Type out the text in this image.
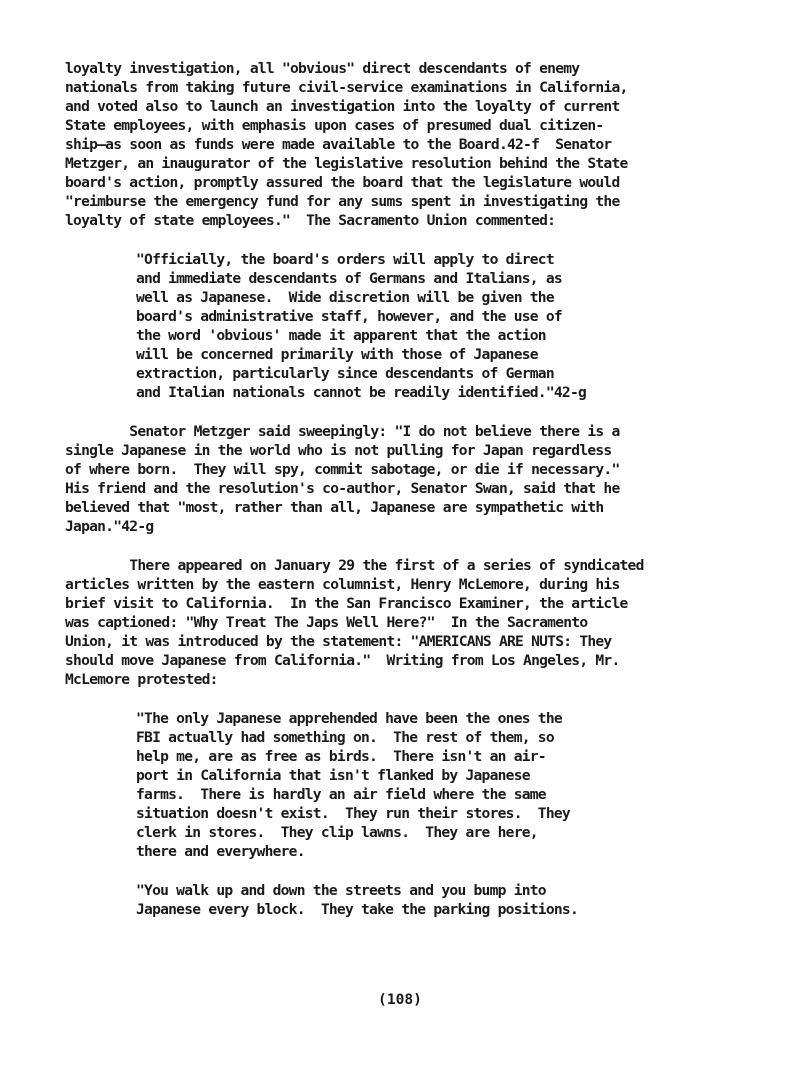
loyalty investigation, all "obvious" direct descendants of enemy
nationals from taking future civil-service examinations in California,
and voted also to launch an investigation into the loyalty of current
State employees, with emphasis upon cases of presumed dual citizen-
ship—as soon as funds were made available to the Board.42-f  Senator
Metzger, an inaugurator of the legislative resolution behind the State
board's action, promptly assured the board that the legislature would
"reimburse the emergency fund for any sums spent in investigating the
loyalty of state employees."  The Sacramento Union commented:
"Officially, the board's orders will apply to direct
and immediate descendants of Germans and Italians, as
well as Japanese.  Wide discretion will be given the
board's administrative staff, however, and the use of
the word 'obvious' made it apparent that the action
will be concerned primarily with those of Japanese
extraction, particularly since descendants of German
and Italian nationals cannot be readily identified."42-g
Senator Metzger said sweepingly: "I do not believe there is a
single Japanese in the world who is not pulling for Japan regardless
of where born.  They will spy, commit sabotage, or die if necessary."
His friend and the resolution's co-author, Senator Swan, said that he
believed that "most, rather than all, Japanese are sympathetic with
Japan."42-g
There appeared on January 29 the first of a series of syndicated
articles written by the eastern columnist, Henry McLemore, during his
brief visit to California.  In the San Francisco Examiner, the article
was captioned: "Why Treat The Japs Well Here?"  In the Sacramento
Union, it was introduced by the statement: "AMERICANS ARE NUTS: They
should move Japanese from California."  Writing from Los Angeles, Mr.
McLemore protested:
"The only Japanese apprehended have been the ones the
FBI actually had something on.  The rest of them, so
help me, are as free as birds.  There isn't an air-
port in California that isn't flanked by Japanese
farms.  There is hardly an air field where the same
situation doesn't exist.  They run their stores.  They
clerk in stores.  They clip lawns.  They are here,
there and everywhere.
"You walk up and down the streets and you bump into
Japanese every block.  They take the parking positions.
(108)
